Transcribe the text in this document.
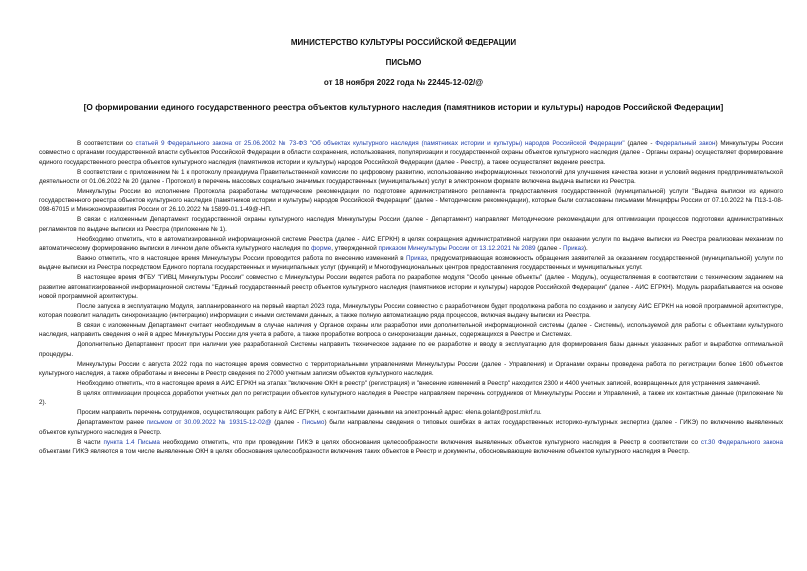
МИНИСТЕРСТВО КУЛЬТУРЫ РОССИЙСКОЙ ФЕДЕРАЦИИ

ПИСЬМО

от 18 ноября 2022 года № 22445-12-02/@

[О формировании единого государственного реестра объектов культурного наследия (памятников истории и культуры) народов Российской Федерации]

В соответствии со статьей 9 Федерального закона от 25.06.2002 № 73-ФЗ "Об объектах культурного наследия (памятниках истории и культуры) народов Российской Федерации" (далее - Федеральный закон) Минкультуры России совместно с органами государственной власти субъектов Российской Федерации в области сохранения, использования, популяризации и государственной охраны объектов культурного наследия (далее - Органы охраны) осуществляет формирование единого государственного реестра объектов культурного наследия (памятников истории и культуры) народов Российской Федерации (далее - Реестр), а также осуществляет ведение реестра.

В соответствии с приложением № 1 к протоколу президиума Правительственной комиссии по цифровому развитию, использованию информационных технологий для улучшения качества жизни и условий ведения предпринимательской деятельности от 01.06.2022 № 20 (далее - Протокол) в перечень массовых социально значимых государственных (муниципальных) услуг в электронном формате включена выдача выписки из Реестра.

Минкультуры России во исполнение Протокола разработаны методические рекомендации по подготовке административного регламента предоставления государственной (муниципальной) услуги "Выдача выписки из единого государственного реестра объектов культурного наследия (памятников истории и культуры) народов Российской Федерации" (далее - Методические рекомендации), которые были согласованы письмами Минцифры России от 07.10.2022 № П13-1-08-098-67015 и Минэкономразвития России от 26.10.2022 № 15899-01.1-49@-НП.

В связи с изложенным Департамент государственной охраны культурного наследия Минкультуры России (далее - Департамент) направляет Методические рекомендации для оптимизации процессов подготовки административных регламентов по выдаче выписки из Реестра (приложение № 1).

Необходимо отметить, что в автоматизированной информационной системе Реестра (далее - АИС ЕГРКН) в целях сокращения административной нагрузки при оказании услуги по выдаче выписки из Реестра реализован механизм по автоматическому формированию выписки в личном деле объекта культурного наследия по форме, утвержденной приказом Минкультуры России от 13.12.2021 № 2089 (далее - Приказ).

Важно отметить, что в настоящее время Минкультуры России проводится работа по внесению изменений в Приказ, предусматривающая возможность обращения заявителей за оказанием государственной (муниципальной) услуги по выдаче выписки из Реестра посредством Единого портала государственных и муниципальных услуг (функций) и Многофункциональных центров предоставления государственных и муниципальных услуг.

В настоящее время ФГБУ "ГИВЦ Минкультуры России" совместно с Минкультуры России ведется работа по разработке модуля "Особо ценные объекты" (далее - Модуль), осуществляемая в соответствии с техническим заданием на развитие автоматизированной информационной системы "Единый государственный реестр объектов культурного наследия (памятников истории и культуры) народов Российской Федерации" (далее - АИС ЕГРКН). Модуль разрабатывается на основе новой программной архитектуры.

После запуска в эксплуатацию Модуля, запланированного на первый квартал 2023 года, Минкультуры России совместно с разработчиком будет продолжена работа по созданию и запуску АИС ЕГРКН на новой программной архитектуре, которая позволит наладить синхронизацию (интеграцию) информации с иными системами данных, а также полную автоматизацию ряда процессов, включая выдачу выписки из Реестра.

В связи с изложенным Департамент считает необходимым в случае наличия у Органов охраны или разработки ими дополнительной информационной системы (далее - Системы), используемой для работы с объектами культурного наследия, направить сведения о ней в адрес Минкультуры России для учета в работе, а также проработке вопроса о синхронизации данных, содержащихся в Реестре и Системах.

Дополнительно Департамент просит при наличии уже разработанной Системы направить техническое задание по ее разработке и вводу в эксплуатацию для формирования базы данных указанных работ и выработке оптимальной процедуры.

Минкультуры России с августа 2022 года по настоящее время совместно с территориальными управлениями Минкультуры России (далее - Управления) и Органами охраны проведена работа по регистрации более 1600 объектов культурного наследия, а также обработаны и внесены в Реестр сведения по 27000 учетным записям объектов культурного наследия.

Необходимо отметить, что в настоящее время в АИС ЕГРКН на этапах "включение ОКН в реестр" (регистрация) и "внесение изменений в Реестр" находится 2300 и 4400 учетных записей, возвращенных для устранения замечаний.

В целях оптимизации процесса доработки учетных дел по регистрации объектов культурного наследия в Реестре направляем перечень сотрудников от Минкультуры России и Управлений, а также их контактные данные (приложение № 2).

Просим направить перечень сотрудников, осуществляющих работу в АИС ЕГРКН, с контактными данными на электронный адрес: elena.golant@post.mkrf.ru.

Департаментом ранее письмом от 30.09.2022 № 19315-12-02@ (далее - Письмо) были направлены сведения о типовых ошибках в актах государственных историко-культурных экспертиз (далее - ГИКЭ) по включению выявленных объектов культурного наследия в Реестр.

В части пункта 1.4 Письма необходимо отметить, что при проведении ГИКЭ в целях обоснования целесообразности включения выявленных объектов культурного наследия в Реестр в соответствии со ст.30 Федерального закона объектами ГИКЭ являются в том числе выявленные ОКН в целях обоснования целесообразности включения таких объектов в Реестр и документы, обосновывающие включение объектов культурного наследия в Реестр.
